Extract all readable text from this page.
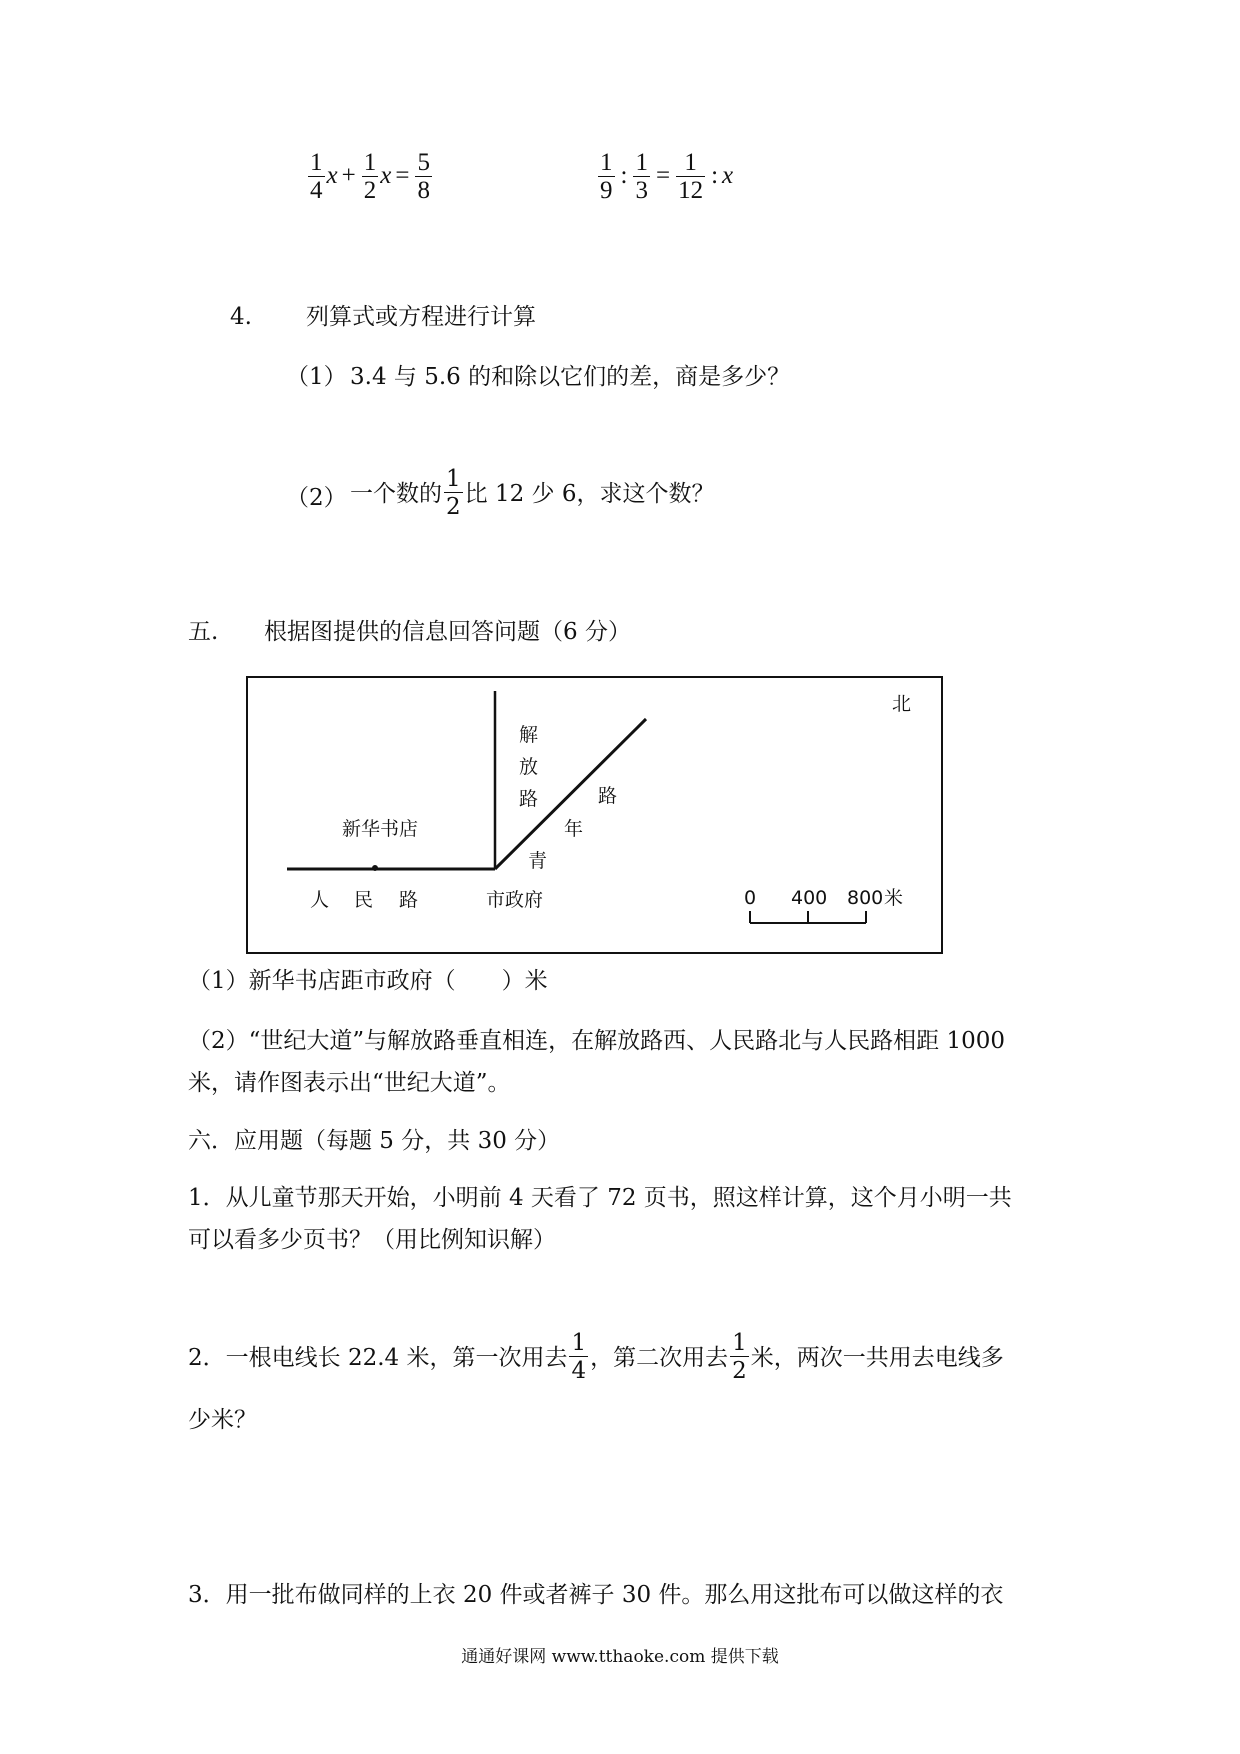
$\frac{1}{4}$ $x + \frac{1}{2}$ $x = \frac{5}{8}$	$\frac{1}{9}$ : $\frac{1}{3} = \frac{1}{12}$ : x
4. 列算式或方程进行计算
（1） 3.4 与 5.6 的和除以它们的差，商是多少？
（2） 一个数的 $\frac{1}{2}$ 比 12 少 6，求这个数？
五. 根据图提供的信息回答问题（6 分）
北
解
放
路	路
年
青
新华书店
人 民 路	市政府	0 400 800 米
（1）新华书店距市政府（　　）米
（2）“世纪大道”与解放路垂直相连，在解放路西、人民路北与人民路相距 1000
米，请作图表示出“世纪大道”。
六．应用题（每题 5 分，共 30 分）
1．从儿童节那天开始，小明前 4 天看了 72 页书，照这样计算，这个月小明一共
可以看多少页书？（用比例知识解）
2．一根电线长 22.4 米，第一次用去 $\frac{1}{4}$ ，第二次用去 $\frac{1}{2}$ 米，两次一共用去电线多
少米？
3．用一批布做同样的上衣 20 件或者裤子 30 件。那么用这批布可以做这样的衣
通通好课网 www.tthaoke.com 提供下载
